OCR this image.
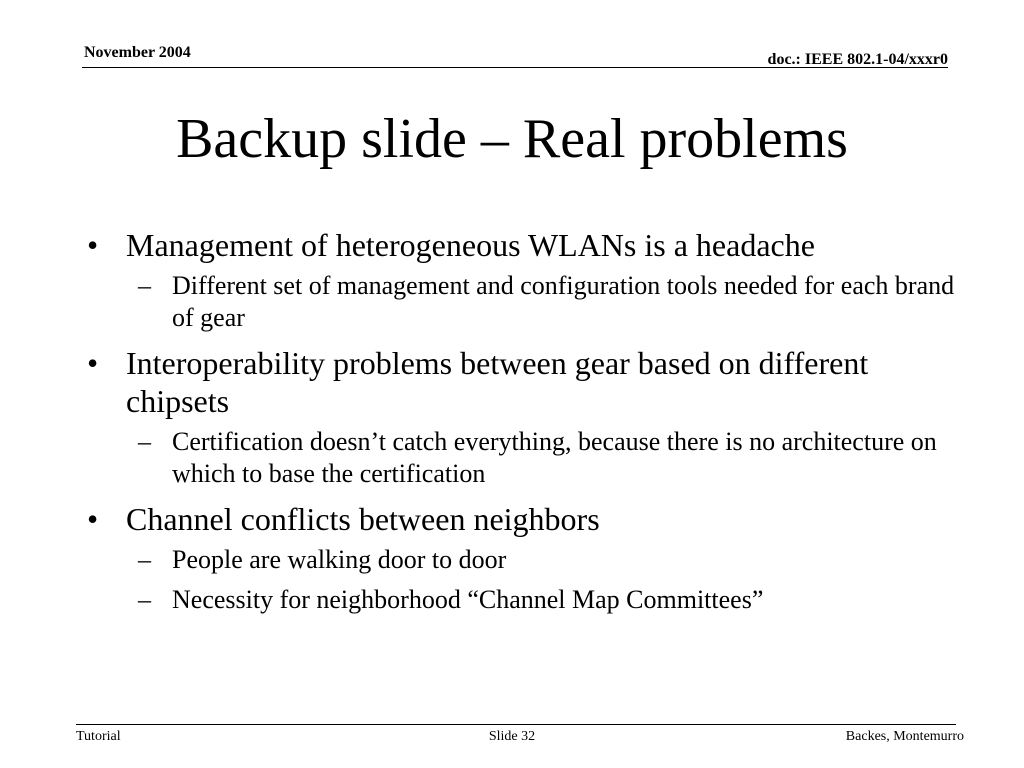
November 2004	doc.: IEEE 802.1-04/xxxr0
Backup slide – Real problems
• Management of heterogeneous WLANs is a headache
– Different set of management and configuration tools needed for each brand of gear
• Interoperability problems between gear based on different chipsets
– Certification doesn’t catch everything, because there is no architecture on which to base the certification
• Channel conflicts between neighbors
– People are walking door to door
– Necessity for neighborhood “Channel Map Committees”
Tutorial	Slide 32	Backes, Montemurro
